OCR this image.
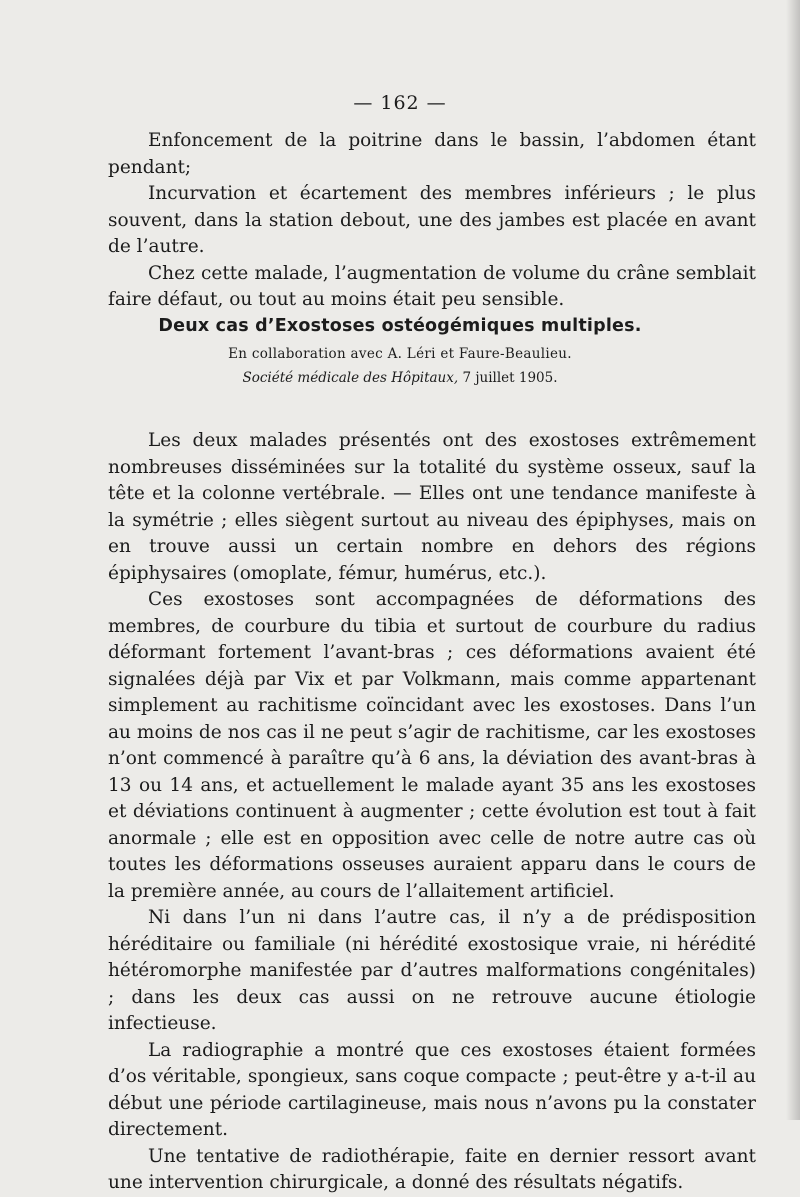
— 162 —

Enfoncement de la poitrine dans le bassin, l’abdomen étant pendant;

Incurvation et écartement des membres inférieurs ; le plus souvent, dans la station debout, une des jambes est placée en avant de l’autre.

Chez cette malade, l’augmentation de volume du crâne semblait faire défaut, ou tout au moins était peu sensible.

Deux cas d’Exostoses ostéogémiques multiples.
En collaboration avec A. Léri et Faure-Beaulieu.
Société médicale des Hôpitaux, 7 juillet 1905.

Les deux malades présentés ont des exostoses extrêmement nombreuses disséminées sur la totalité du système osseux, sauf la tête et la colonne vertébrale. — Elles ont une tendance manifeste à la symétrie ; elles siègent surtout au niveau des épiphyses, mais on en trouve aussi un certain nombre en dehors des régions épiphysaires (omoplate, fémur, humérus, etc.).

Ces exostoses sont accompagnées de déformations des membres, de courbure du tibia et surtout de courbure du radius déformant fortement l’avant-bras ; ces déformations avaient été signalées déjà par Vix et par Volkmann, mais comme appartenant simplement au rachitisme coïncidant avec les exostoses. Dans l’un au moins de nos cas il ne peut s’agir de rachitisme, car les exostoses n’ont commencé à paraître qu’à 6 ans, la déviation des avant-bras à 13 ou 14 ans, et actuellement le malade ayant 35 ans les exostoses et déviations continuent à augmenter ; cette évolution est tout à fait anormale ; elle est en opposition avec celle de notre autre cas où toutes les déformations osseuses auraient apparu dans le cours de la première année, au cours de l’allaitement artificiel.

Ni dans l’un ni dans l’autre cas, il n’y a de prédisposition héréditaire ou familiale (ni hérédité exostosique vraie, ni hérédité hétéromorphe manifestée par d’autres malformations congénitales) ; dans les deux cas aussi on ne retrouve aucune étiologie infectieuse.

La radiographie a montré que ces exostoses étaient formées d’os véritable, spongieux, sans coque compacte ; peut-être y a-t-il au début une période cartilagineuse, mais nous n’avons pu la constater directement.

Une tentative de radiothérapie, faite en dernier ressort avant une intervention chirurgicale, a donné des résultats négatifs.
